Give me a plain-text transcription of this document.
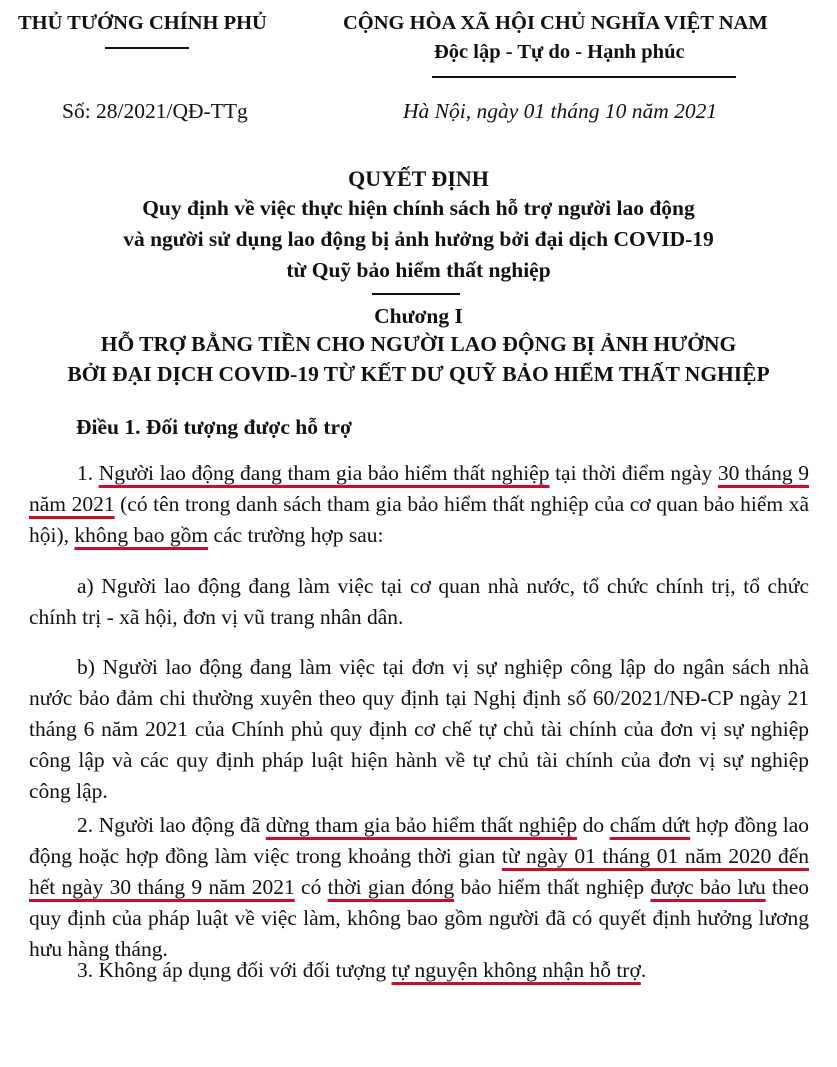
THỦ TƯỚNG CHÍNH PHỦ	CỘNG HÒA XÃ HỘI CHỦ NGHĨA VIỆT NAM
Độc lập - Tự do - Hạnh phúc
Số: 28/2021/QĐ-TTg	Hà Nội, ngày 01 tháng 10 năm 2021
QUYẾT ĐỊNH
Quy định về việc thực hiện chính sách hỗ trợ người lao động
và người sử dụng lao động bị ảnh hưởng bởi đại dịch COVID-19
từ Quỹ bảo hiểm thất nghiệp
Chương I
HỖ TRỢ BẰNG TIỀN CHO NGƯỜI LAO ĐỘNG BỊ ẢNH HƯỞNG
BỞI ĐẠI DỊCH COVID-19 TỪ KẾT DƯ QUỸ BẢO HIỂM THẤT NGHIỆP
Điều 1. Đối tượng được hỗ trợ

1. Người lao động đang tham gia bảo hiểm thất nghiệp tại thời điểm ngày 30 tháng 9 năm 2021 (có tên trong danh sách tham gia bảo hiểm thất nghiệp của cơ quan bảo hiểm xã hội), không bao gồm các trường hợp sau:

a) Người lao động đang làm việc tại cơ quan nhà nước, tổ chức chính trị, tổ chức chính trị - xã hội, đơn vị vũ trang nhân dân.

b) Người lao động đang làm việc tại đơn vị sự nghiệp công lập do ngân sách nhà nước bảo đảm chi thường xuyên theo quy định tại Nghị định số 60/2021/NĐ-CP ngày 21 tháng 6 năm 2021 của Chính phủ quy định cơ chế tự chủ tài chính của đơn vị sự nghiệp công lập và các quy định pháp luật hiện hành về tự chủ tài chính của đơn vị sự nghiệp công lập.

2. Người lao động đã dừng tham gia bảo hiểm thất nghiệp do chấm dứt hợp đồng lao động hoặc hợp đồng làm việc trong khoảng thời gian từ ngày 01 tháng 01 năm 2020 đến hết ngày 30 tháng 9 năm 2021 có thời gian đóng bảo hiểm thất nghiệp được bảo lưu theo quy định của pháp luật về việc làm, không bao gồm người đã có quyết định hưởng lương hưu hàng tháng.

3. Không áp dụng đối với đối tượng tự nguyện không nhận hỗ trợ.
